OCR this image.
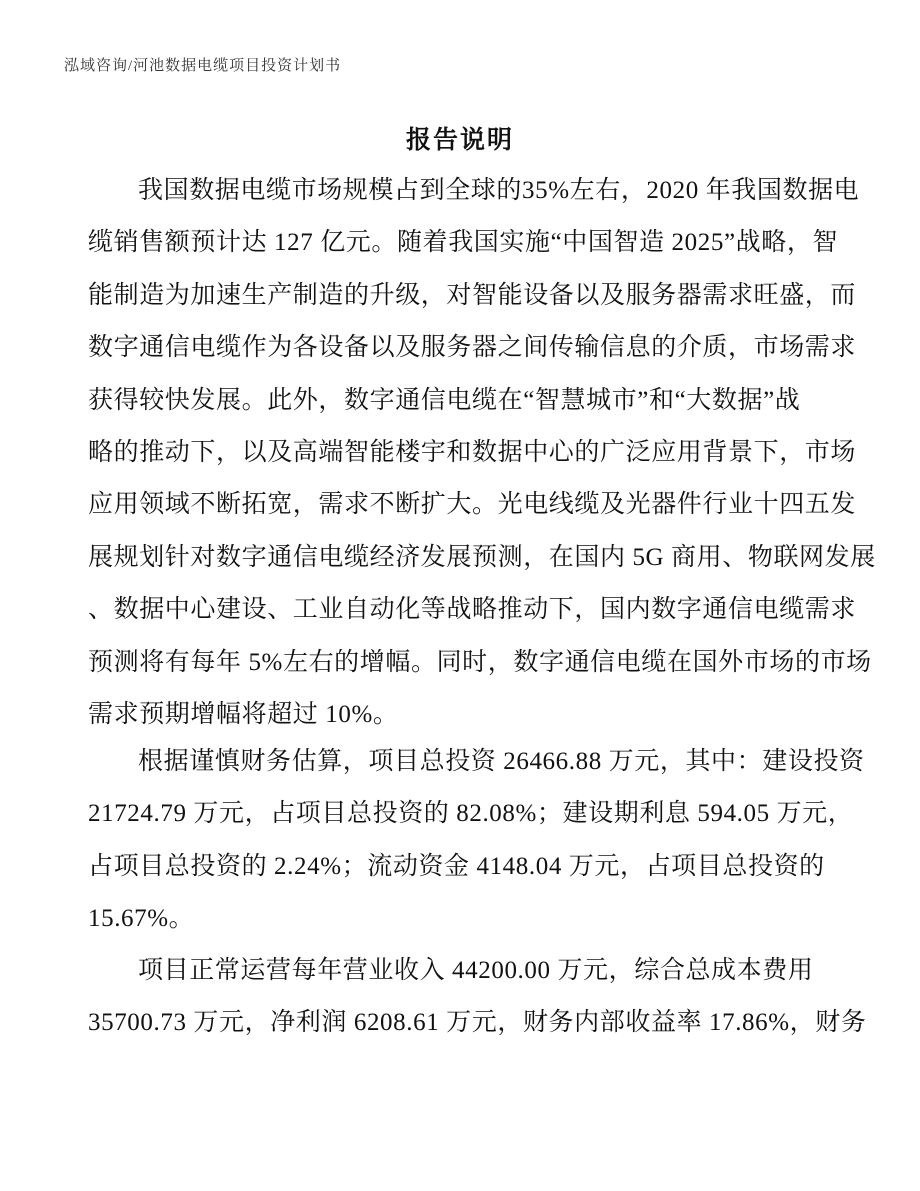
泓域咨询/河池数据电缆项目投资计划书
报告说明
我国数据电缆市场规模占到全球的35%左右，2020 年我国数据电
缆销售额预计达 127 亿元。随着我国实施“中国智造 2025”战略，智
能制造为加速生产制造的升级，对智能设备以及服务器需求旺盛，而
数字通信电缆作为各设备以及服务器之间传输信息的介质，市场需求
获得较快发展。此外，数字通信电缆在“智慧城市”和“大数据”战
略的推动下，以及高端智能楼宇和数据中心的广泛应用背景下，市场
应用领域不断拓宽，需求不断扩大。光电线缆及光器件行业十四五发
展规划针对数字通信电缆经济发展预测，在国内 5G 商用、物联网发展
、数据中心建设、工业自动化等战略推动下，国内数字通信电缆需求
预测将有每年 5%左右的增幅。同时，数字通信电缆在国外市场的市场
需求预期增幅将超过 10%。
根据谨慎财务估算，项目总投资 26466.88 万元，其中：建设投资
21724.79 万元，占项目总投资的 82.08%；建设期利息 594.05 万元，
占项目总投资的 2.24%；流动资金 4148.04 万元，占项目总投资的
15.67%。
项目正常运营每年营业收入 44200.00 万元，综合总成本费用
35700.73 万元，净利润 6208.61 万元，财务内部收益率 17.86%，财务
